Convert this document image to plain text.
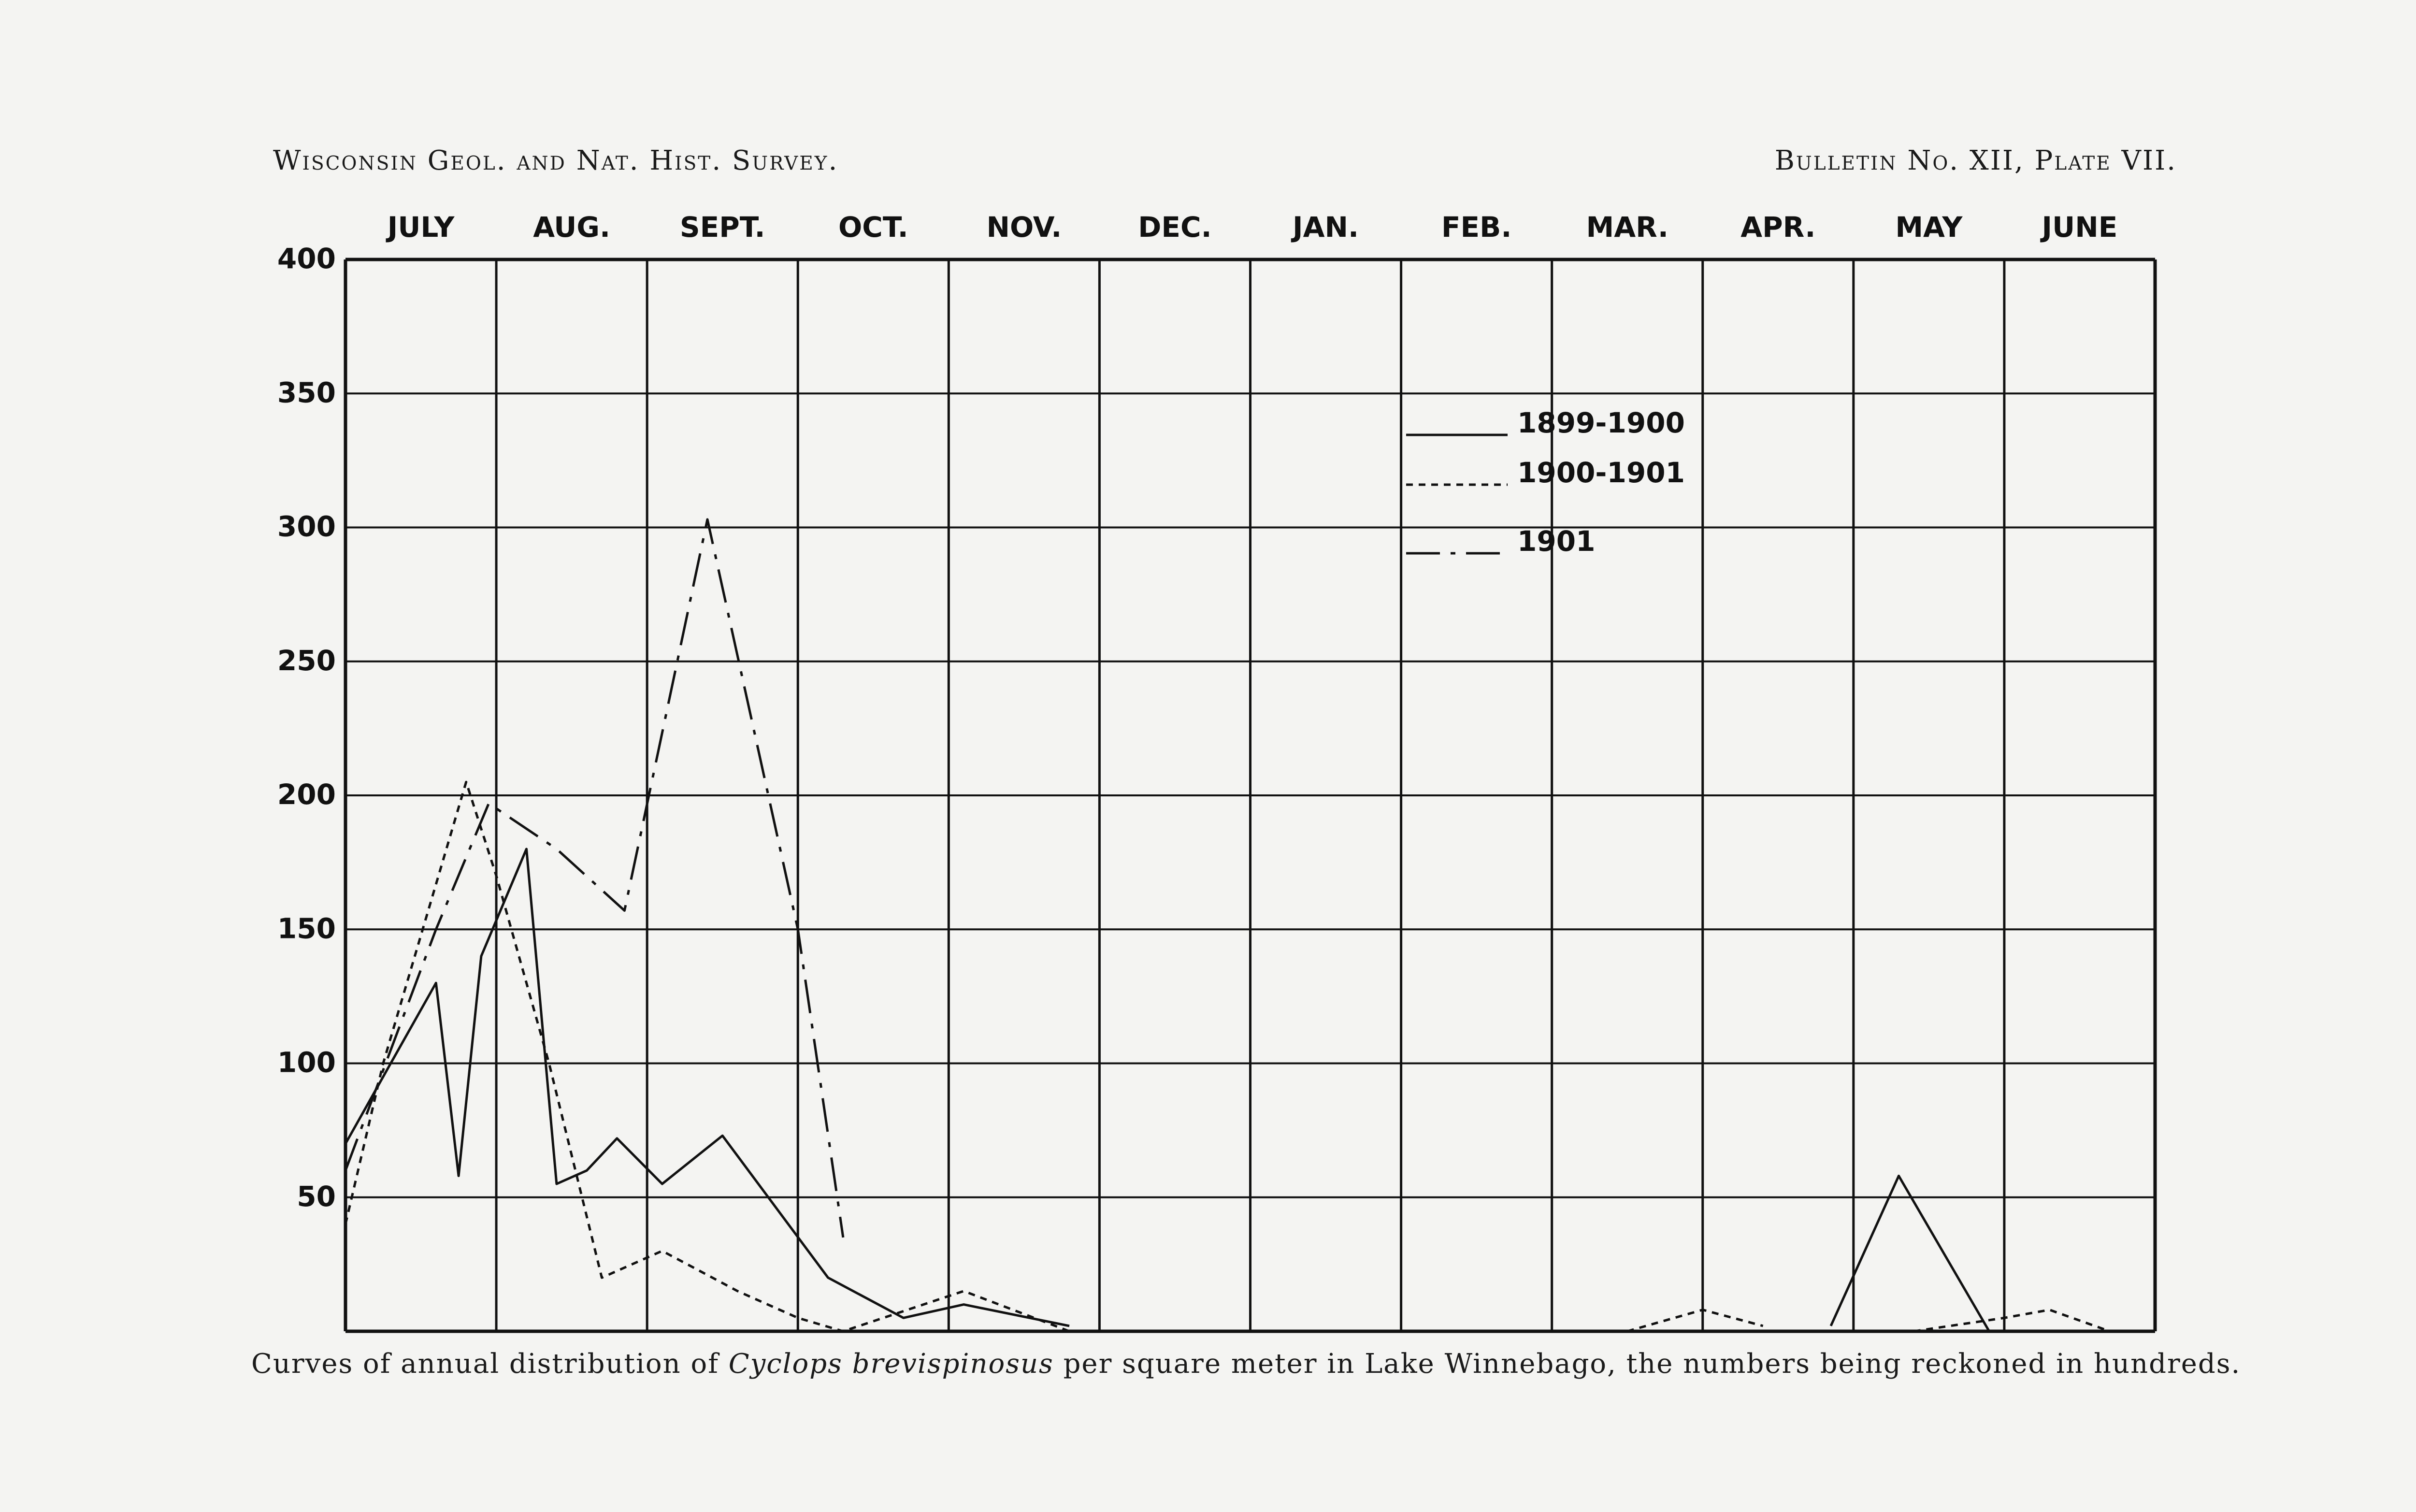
Wisconsin Geol. and Nat. Hist. Survey.	Bulletin No. XII, Plate VII.
JULY	AUG. SEPT.	OCT.	NOV.	DEC.	JAN.	FEB.	MAR.	APR.	MAY	JUNE
50
100
150
200
250
300
350
400
1899-1900
1900-1901
1901
Curves of annual distribution of Cyclops brevispinosus per square meter in Lake Winnebago, the numbers being reckoned in hundreds.
